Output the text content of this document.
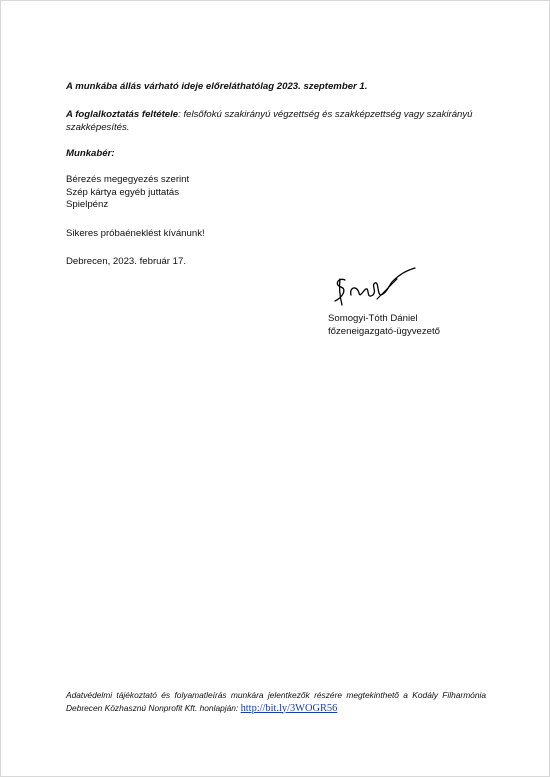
A munkába állás várható ideje előreláthatólag 2023. szeptember 1.
A foglalkoztatás feltétele: felsőfokú szakirányú végzettség és szakképzettség vagy szakirányú szakképesítés.
Munkabér:
Bérezés megegyezés szerint
Szép kártya egyéb juttatás
Spielpénz
Sikeres próbaéneklést kívánunk!
Debrecen, 2023. február 17.
Somogyi-Tóth Dániel
főzeneigazgató-ügyvezető
Adatvédelmi tájékoztató és folyamatleírás munkára jelentkezők részére megtekinthető a Kodály Filharmónia Debrecen Közhasznú Nonprofit Kft. honlapján: http://bit.ly/3WOGR56
